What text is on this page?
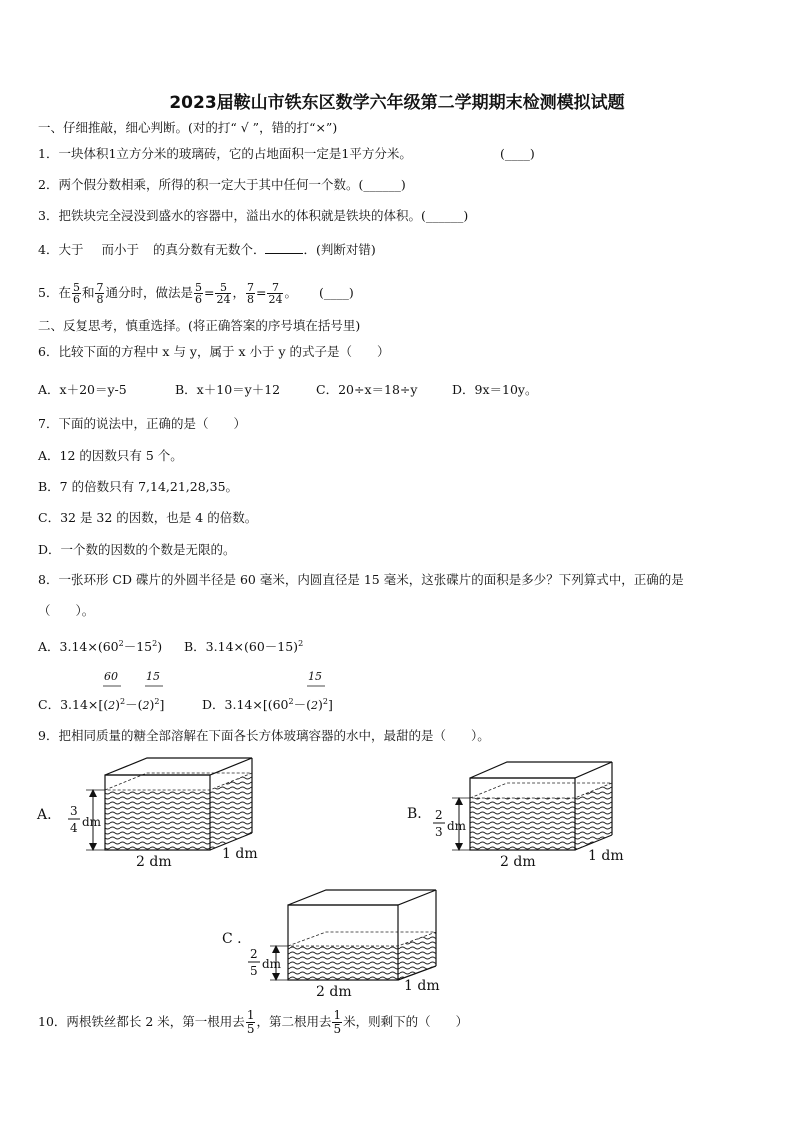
2023届鞍山市铁东区数学六年级第二学期期末检测模拟试题
一、仔细推敲，细心判断。(对的打“ √ ”，错的打“×”)
1．一块体积1立方分米的玻璃砖，它的占地面积一定是1平方分米。	(____)
2．两个假分数相乘，所得的积一定大于其中任何一个数。(______)
3．把铁块完全浸没到盛水的容器中，溢出水的体积就是铁块的体积。(______)
4．大于 而小于 的真分数有无数个．	．(判断对错)
5．在 $\frac{5}{6}$ 和 $\frac{7}{8}$ 通分时，做法是 $\frac{5}{6} = \frac{5}{24}$ ， $\frac{7}{8} = \frac{7}{24}$ 。 (____)
二、反复思考，慎重选择。(将正确答案的序号填在括号里)
6．比较下面的方程中 x 与 y，属于 x 小于 y 的式子是（　　）
A．x＋20＝y-5	B．x＋10＝y＋12	C．20÷x＝18÷y	D．9x＝10y。
7．下面的说法中，正确的是（　　）
A．12 的因数只有 5 个。
B．7 的倍数只有 7,14,21,28,35。
C．32 是 32 的因数，也是 4 的倍数。
D．一个数的因数的个数是无限的。
8．一张环形 CD 碟片的外圆半径是 60 毫米，内圆直径是 15 毫米，这张碟片的面积是多少？下列算式中，正确的是
（　　）。
A．$3.14\times(60^2-15^2)$ B．$3.14\times(60-15)^2$
60	15	15
C．$3.14\times[(2)^2-(2)^2]$	D．$3.14\times[(60^2-(2)^2]$
9．把相同质量的糖全部溶解在下面各长方体玻璃容器的水中，最甜的是（　　）。
A. 3
4 dm
2 dm	1 dm
B. 2
3 dm
2 dm	1 dm
C .
2
5 dm
2 dm	1 dm
10．两根铁丝都长 2 米，第一根用去 $\frac{1}{5}$ ，第二根用去 $\frac{1}{5}$ 米，则剩下的（　　）
